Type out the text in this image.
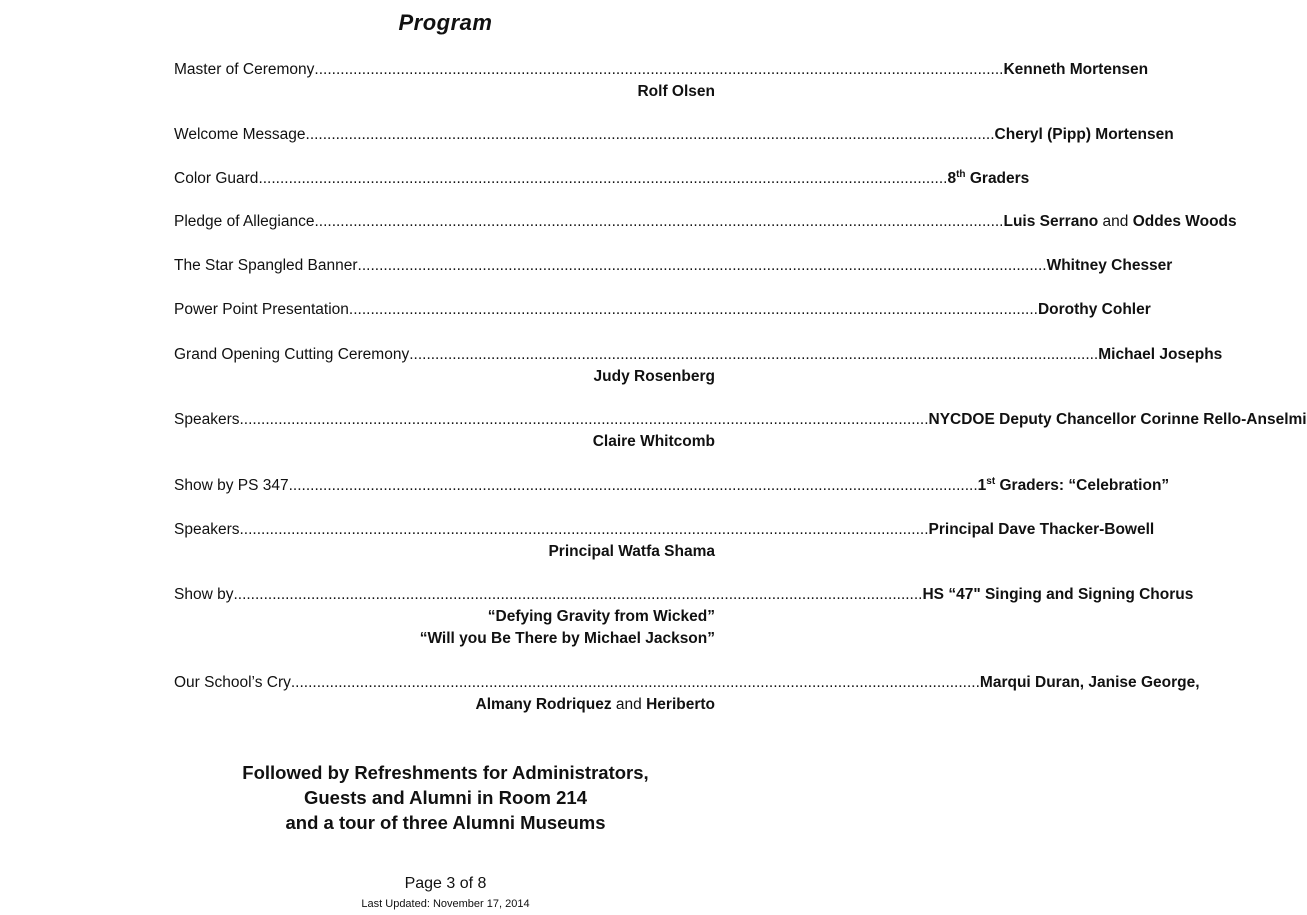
Program
Master of Ceremony ................................................................................................................................................................ Kenneth Mortensen
Rolf Olsen
Welcome Message ................................................................................................................................................................ Cheryl (Pipp) Mortensen
Color Guard ................................................................................................................................................................ 8th Graders
Pledge of Allegiance ................................................................................................................................................................ Luis Serrano and Oddes Woods
The Star Spangled Banner ................................................................................................................................................................ Whitney Chesser
Power Point Presentation ................................................................................................................................................................ Dorothy Cohler
Grand Opening Cutting Ceremony ................................................................................................................................................................ Michael Josephs
Judy Rosenberg
Speakers ................................................................................................................................................................ NYCDOE Deputy Chancellor Corinne Rello-Anselmi
Claire Whitcomb
Show by PS 347 ................................................................................................................................................................ 1st Graders: “Celebration”
Speakers ................................................................................................................................................................ Principal Dave Thacker-Bowell
Principal Watfa Shama
Show by ................................................................................................................................................................ HS “47" Singing and Signing Chorus
“Defying Gravity from Wicked”
“Will you Be There by Michael Jackson”
Our School’s Cry ................................................................................................................................................................ Marqui Duran, Janise George,
Almany Rodriquez and Heriberto
Followed by Refreshments for Administrators,
Guests and Alumni in Room 214
and a tour of three Alumni Museums
Page 3 of 8
Last Updated: November 17, 2014
